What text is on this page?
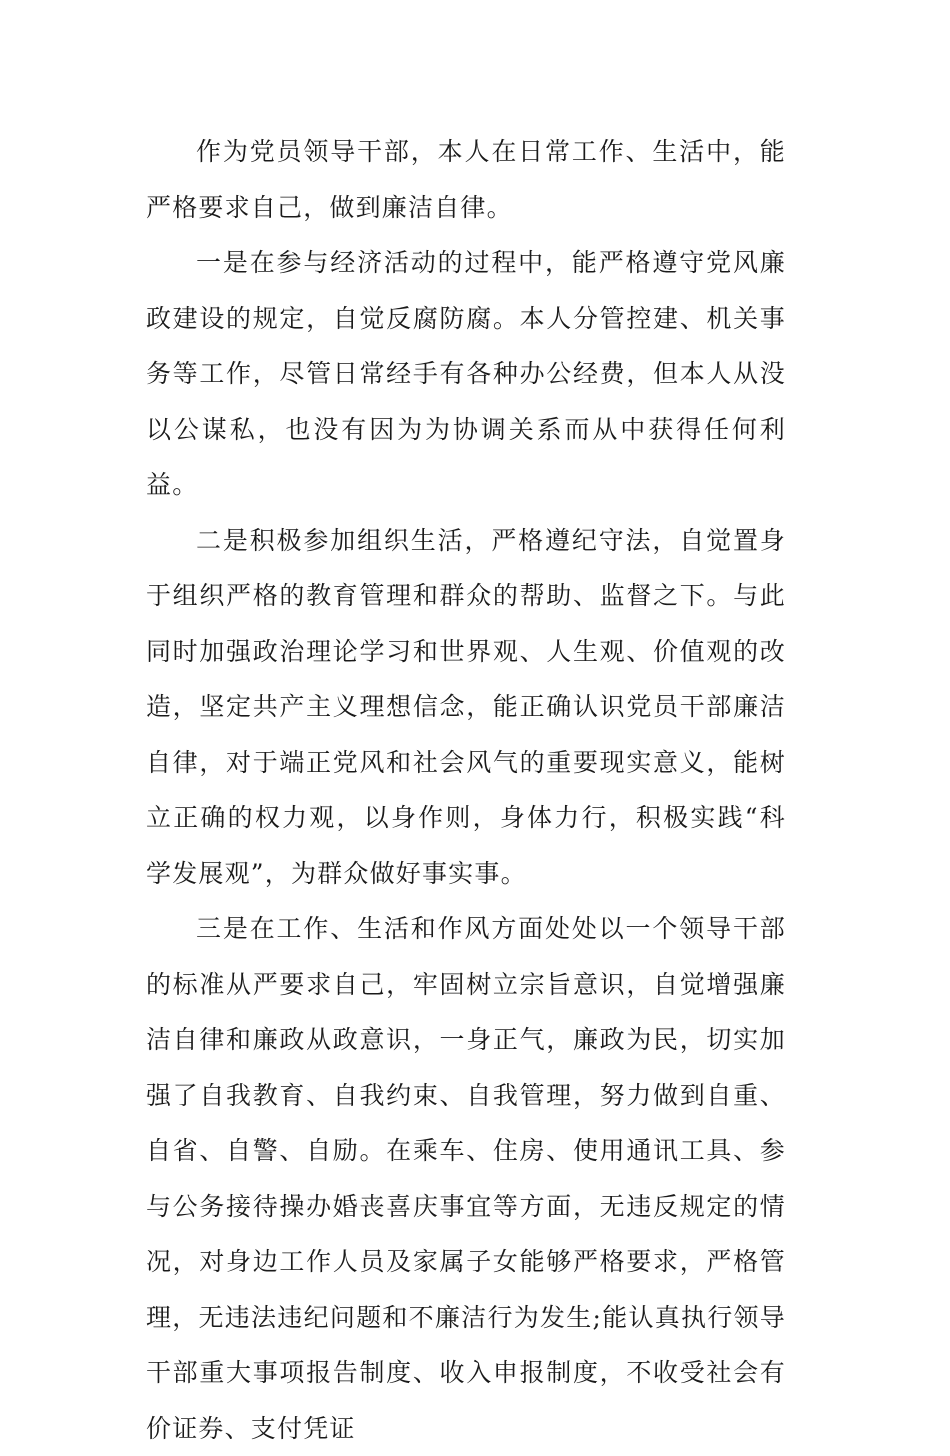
作为党员领导干部，本人在日常工作、生活中，能严格要求自己，做到廉洁自律。

一是在参与经济活动的过程中，能严格遵守党风廉政建设的规定，自觉反腐防腐。本人分管控建、机关事务等工作，尽管日常经手有各种办公经费，但本人从没以公谋私，也没有因为为协调关系而从中获得任何利益。

二是积极参加组织生活，严格遵纪守法，自觉置身于组织严格的教育管理和群众的帮助、监督之下。与此同时加强政治理论学习和世界观、人生观、价值观的改造，坚定共产主义理想信念，能正确认识党员干部廉洁自律，对于端正党风和社会风气的重要现实意义，能树立正确的权力观，以身作则，身体力行，积极实践“科学发展观”，为群众做好事实事。

三是在工作、生活和作风方面处处以一个领导干部的标准从严要求自己，牢固树立宗旨意识，自觉增强廉洁自律和廉政从政意识，一身正气，廉政为民，切实加强了自我教育、自我约束、自我管理，努力做到自重、自省、自警、自励。在乘车、住房、使用通讯工具、参与公务接待操办婚丧喜庆事宜等方面，无违反规定的情况，对身边工作人员及家属子女能够严格要求，严格管理，无违法违纪问题和不廉洁行为发生;能认真执行领导干部重大事项报告制度、收入申报制度，不收受社会有价证券、支付凭证
